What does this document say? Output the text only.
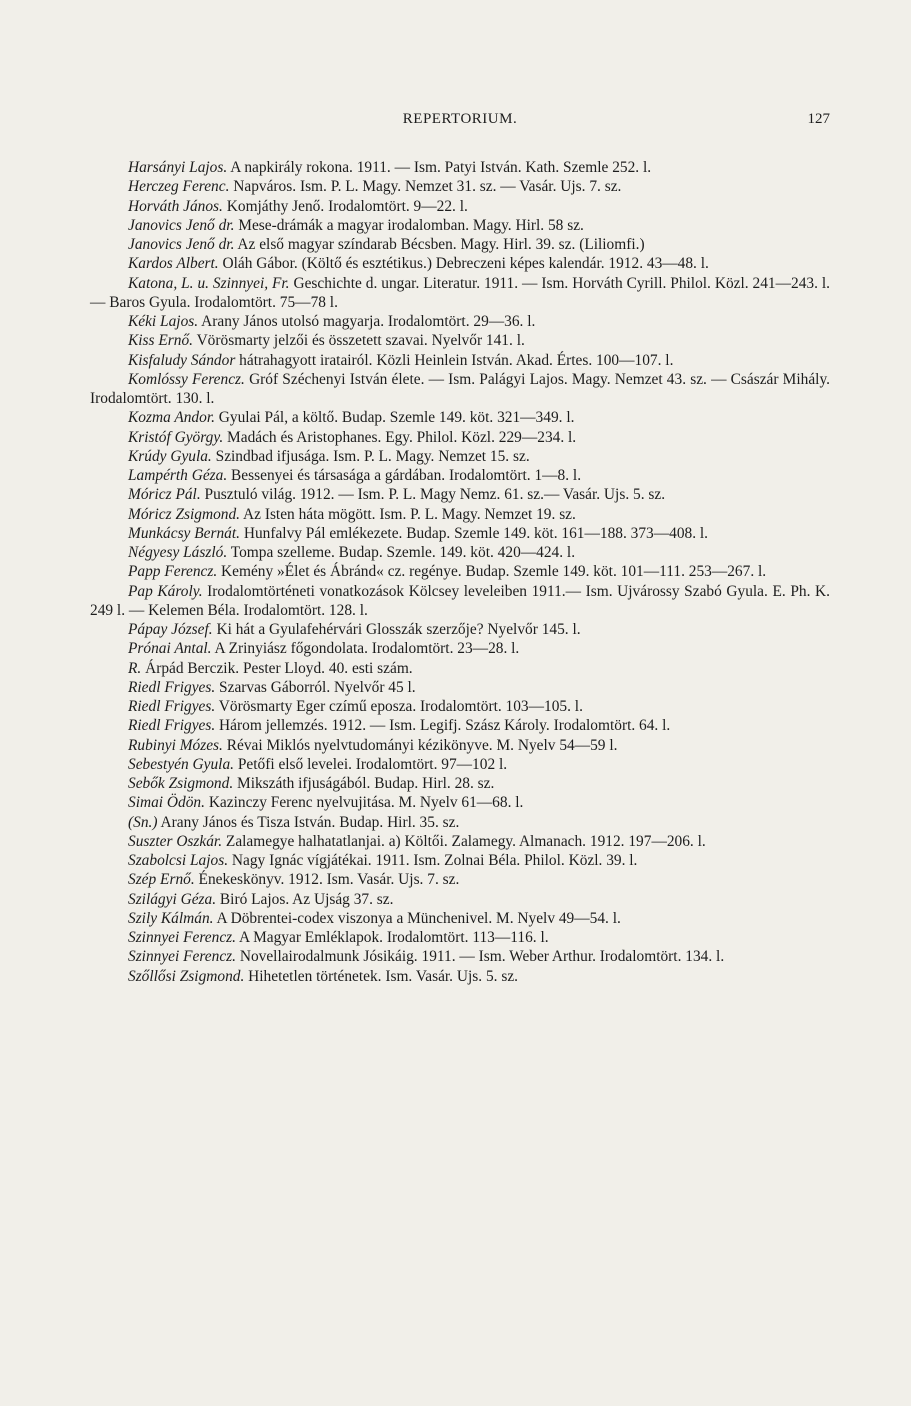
REPERTORIUM.	127

Harsányi Lajos. A napkirály rokona. 1911. — Ism. Patyi István. Kath. Szemle 252. l.

Herczeg Ferenc. Napváros. Ism. P. L. Magy. Nemzet 31. sz. — Vasár. Ujs. 7. sz.

Horváth János. Komjáthy Jenő. Irodalomtört. 9—22. l.

Janovics Jenő dr. Mese-drámák a magyar irodalomban. Magy. Hirl. 58 sz.

Janovics Jenő dr. Az első magyar színdarab Bécsben. Magy. Hirl. 39. sz. (Liliomfi.)

Kardos Albert. Oláh Gábor. (Költő és esztétikus.) Debreczeni képes kalendár. 1912. 43—48. l.

Katona, L. u. Szinnyei, Fr. Geschichte d. ungar. Literatur. 1911. — Ism. Horváth Cyrill. Philol. Közl. 241—243. l. — Baros Gyula. Irodalomtört. 75—78 l.

Kéki Lajos. Arany János utolsó magyarja. Irodalomtört. 29—36. l.

Kiss Ernő. Vörösmarty jelzői és összetett szavai. Nyelvőr 141. l.

Kisfaludy Sándor hátrahagyott iratairól. Közli Heinlein István. Akad. Értes. 100—107. l.

Komlóssy Ferencz. Gróf Széchenyi István élete. — Ism. Palágyi Lajos. Magy. Nemzet 43. sz. — Császár Mihály. Irodalomtört. 130. l.

Kozma Andor. Gyulai Pál, a költő. Budap. Szemle 149. köt. 321—349. l.

Kristóf György. Madách és Aristophanes. Egy. Philol. Közl. 229—234. l.

Krúdy Gyula. Szindbad ifjusága. Ism. P. L. Magy. Nemzet 15. sz.

Lampérth Géza. Bessenyei és társasága a gárdában. Irodalomtört. 1—8. l.

Móricz Pál. Pusztuló világ. 1912. — Ism. P. L. Magy Nemz. 61. sz.— Vasár. Ujs. 5. sz.

Móricz Zsigmond. Az Isten háta mögött. Ism. P. L. Magy. Nemzet 19. sz.

Munkácsy Bernát. Hunfalvy Pál emlékezete. Budap. Szemle 149. köt. 161—188. 373—408. l.

Négyesy László. Tompa szelleme. Budap. Szemle. 149. köt. 420—424. l.

Papp Ferencz. Kemény »Élet és Ábránd« cz. regénye. Budap. Szemle 149. köt. 101—111. 253—267. l.

Pap Károly. Irodalomtörténeti vonatkozások Kölcsey leveleiben 1911.— Ism. Ujvárossy Szabó Gyula. E. Ph. K. 249 l. — Kelemen Béla. Irodalomtört. 128. l.

Pápay József. Ki hát a Gyulafehérvári Glosszák szerzője? Nyelvőr 145. l.

Prónai Antal. A Zrinyiász főgondolata. Irodalomtört. 23—28. l.

R. Árpád Berczik. Pester Lloyd. 40. esti szám.

Riedl Frigyes. Szarvas Gáborról. Nyelvőr 45 l.

Riedl Frigyes. Vörösmarty Eger czímű eposza. Irodalomtört. 103—105. l.

Riedl Frigyes. Három jellemzés. 1912. — Ism. Legifj. Szász Károly. Irodalomtört. 64. l.

Rubinyi Mózes. Révai Miklós nyelvtudományi kézikönyve. M. Nyelv 54—59 l.

Sebestyén Gyula. Petőfi első levelei. Irodalomtört. 97—102 l.

Sebők Zsigmond. Mikszáth ifjuságából. Budap. Hirl. 28. sz.

Simai Ödön. Kazinczy Ferenc nyelvujitása. M. Nyelv 61—68. l.

(Sn.) Arany János és Tisza István. Budap. Hirl. 35. sz.

Suszter Oszkár. Zalamegye halhatatlanjai. a) Költői. Zalamegy. Almanach. 1912. 197—206. l.

Szabolcsi Lajos. Nagy Ignác vígjátékai. 1911. Ism. Zolnai Béla. Philol. Közl. 39. l.

Szép Ernő. Énekeskönyv. 1912. Ism. Vasár. Ujs. 7. sz.

Szilágyi Géza. Biró Lajos. Az Ujság 37. sz.

Szily Kálmán. A Döbrentei-codex viszonya a Münchenivel. M. Nyelv 49—54. l.

Szinnyei Ferencz. A Magyar Emléklapok. Irodalomtört. 113—116. l.

Szinnyei Ferencz. Novellairodalmunk Jósikáig. 1911. — Ism. Weber Arthur. Irodalomtört. 134. l.

Szőllősi Zsigmond. Hihetetlen történetek. Ism. Vasár. Ujs. 5. sz.
